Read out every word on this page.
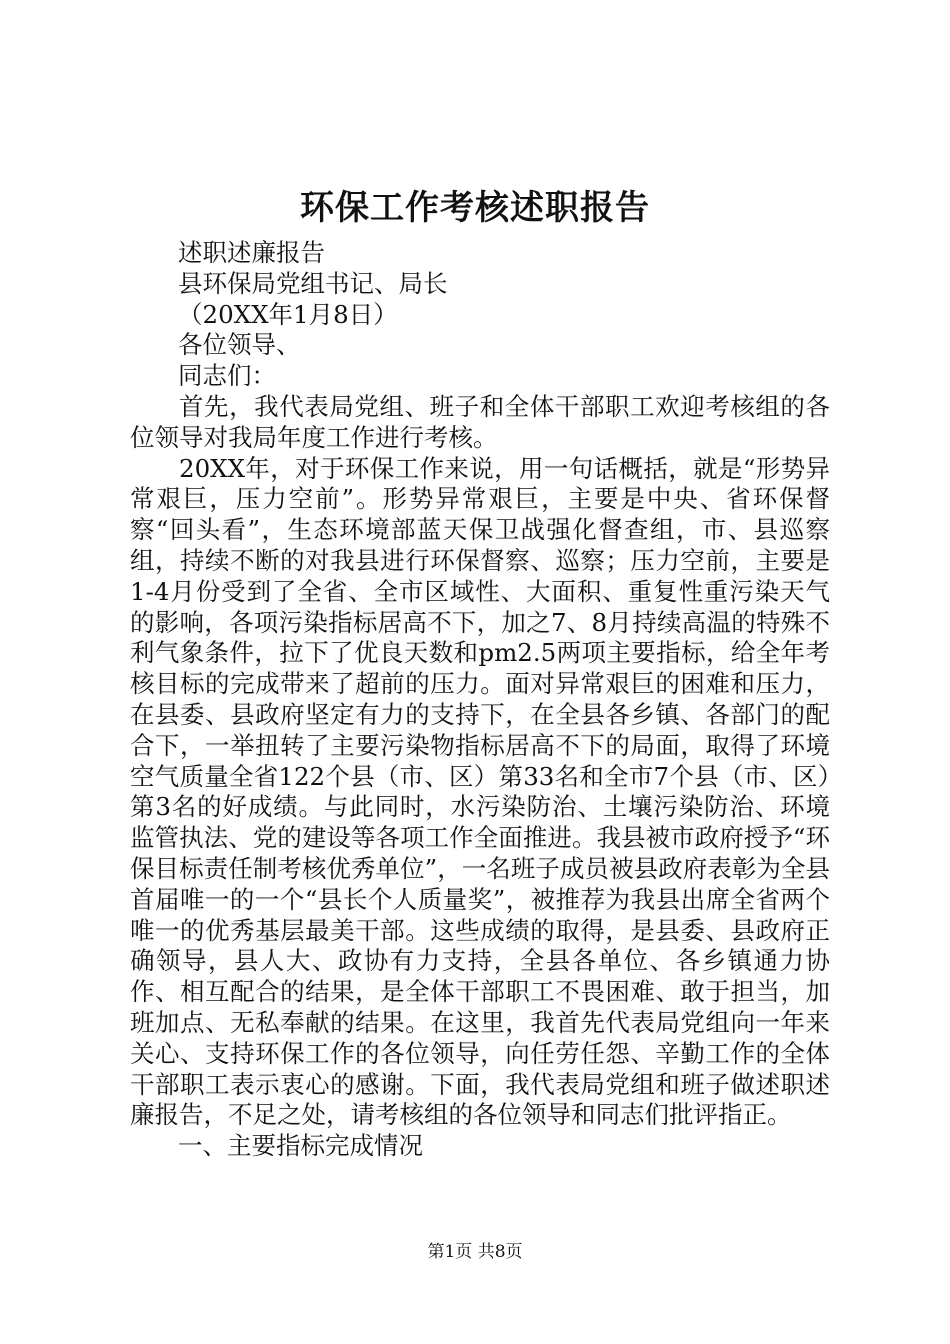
环保工作考核述职报告
述职述廉报告
县环保局党组书记、局长
（20XX年1月8日）
各位领导、
同志们：

首先，我代表局党组、班子和全体干部职工欢迎考核组的各位领导对我局年度工作进行考核。

20XX年，对于环保工作来说，用一句话概括，就是“形势异常艰巨，压力空前”。形势异常艰巨，主要是中央、省环保督察“回头看”，生态环境部蓝天保卫战强化督查组，市、县巡察组，持续不断的对我县进行环保督察、巡察；压力空前，主要是1-4月份受到了全省、全市区域性、大面积、重复性重污染天气的影响，各项污染指标居高不下，加之7、8月持续高温的特殊不利气象条件，拉下了优良天数和pm2.5两项主要指标，给全年考核目标的完成带来了超前的压力。面对异常艰巨的困难和压力，在县委、县政府坚定有力的支持下，在全县各乡镇、各部门的配合下，一举扭转了主要污染物指标居高不下的局面，取得了环境空气质量全省122个县（市、区）第33名和全市7个县（市、区）第3名的好成绩。与此同时，水污染防治、土壤污染防治、环境监管执法、党的建设等各项工作全面推进。我县被市政府授予“环保目标责任制考核优秀单位”，一名班子成员被县政府表彰为全县首届唯一的一个“县长个人质量奖”，被推荐为我县出席全省两个唯一的优秀基层最美干部。这些成绩的取得，是县委、县政府正确领导，县人大、政协有力支持，全县各单位、各乡镇通力协作、相互配合的结果，是全体干部职工不畏困难、敢于担当，加班加点、无私奉献的结果。在这里，我首先代表局党组向一年来关心、支持环保工作的各位领导，向任劳任怨、辛勤工作的全体干部职工表示衷心的感谢。下面，我代表局党组和班子做述职述廉报告，不足之处，请考核组的各位领导和同志们批评指正。

一、主要指标完成情况
第1页 共8页
